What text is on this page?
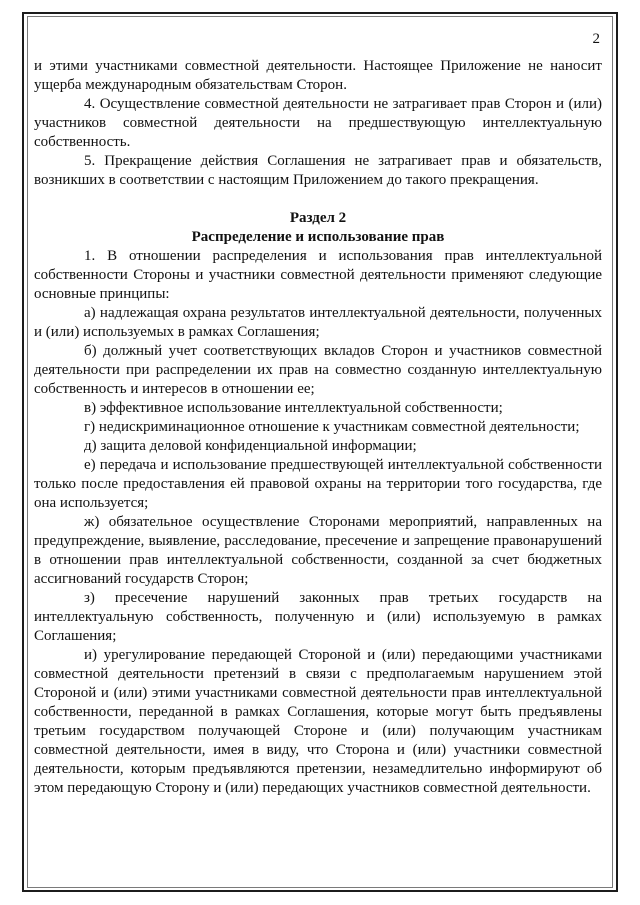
2

и этими участниками совместной деятельности. Настоящее Приложение не наносит ущерба международным обязательствам Сторон.

4. Осуществление совместной деятельности не затрагивает прав Сторон и (или) участников совместной деятельности на предшествующую интеллектуальную собственность.

5. Прекращение действия Соглашения не затрагивает прав и обязательств, возникших в соответствии с настоящим Приложением до такого прекращения.

Раздел 2

Распределение и использование прав

1. В отношении распределения и использования прав интеллектуальной собственности Стороны и участники совместной деятельности применяют следующие основные принципы:

а) надлежащая охрана результатов интеллектуальной деятельности, полученных и (или) используемых в рамках Соглашения;

б) должный учет соответствующих вкладов Сторон и участников совместной деятельности при распределении их прав на совместно созданную интеллектуальную собственность и интересов в отношении ее;

в) эффективное использование интеллектуальной собственности;

г) недискриминационное отношение к участникам совместной деятельности;

д) защита деловой конфиденциальной информации;

е) передача и использование предшествующей интеллектуальной собственности только после предоставления ей правовой охраны на территории того государства, где она используется;

ж) обязательное осуществление Сторонами мероприятий, направленных на предупреждение, выявление, расследование, пресечение и запрещение правонарушений в отношении прав интеллектуальной собственности, созданной за счет бюджетных ассигнований государств Сторон;

з) пресечение нарушений законных прав третьих государств на интеллектуальную собственность, полученную и (или) используемую в рамках Соглашения;

и) урегулирование передающей Стороной и (или) передающими участниками совместной деятельности претензий в связи с предполагаемым нарушением этой Стороной и (или) этими участниками совместной деятельности прав интеллектуальной собственности, переданной в рамках Соглашения, которые могут быть предъявлены третьим государством получающей Стороне и (или) получающим участникам совместной деятельности, имея в виду, что Сторона и (или) участники совместной деятельности, которым предъявляются претензии, незамедлительно информируют об этом передающую Сторону и (или) передающих участников совместной деятельности.
